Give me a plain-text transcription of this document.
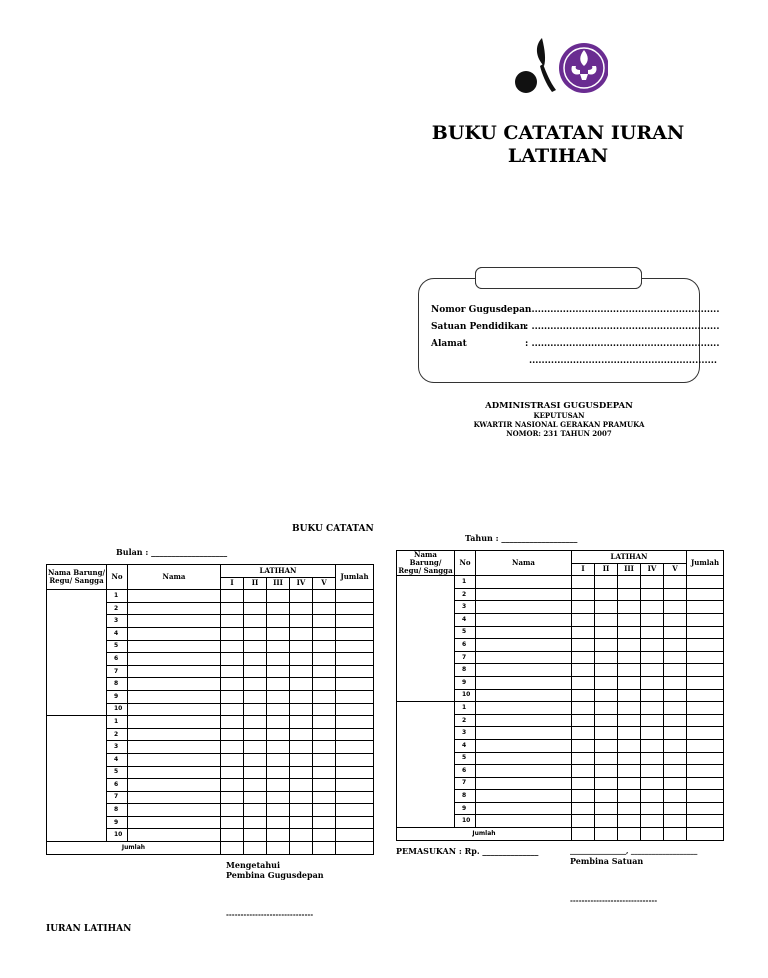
BUKU CATATAN IURAN
LATIHAN
Nomor Gugusdepan
: ............................................................
Satuan Pendidikan
: ............................................................
Alamat	: ............................................................
............................................................
ADMINISTRASI GUGUSDEPAN
KEPUTUSAN
KWARTIR NASIONAL GERAKAN PRAMUKA
NOMOR: 231 TAHUN 2007
BUKU CATATAN
Bulan : ___________________
Nama Barung/ Regu/ Sangga	No	Nama	LATIHAN					Jumlah
			I	II	III	IV	V	
	1							
	2							
	3							
	4							
	5							
	6							
	7							
	8							
	9							
	10							
	1							
	2							
	3							
	4							
	5							
	6							
	7							
	8							
	9							
	10							
Jumlah								
Mengetahui
Pembina Gugusdepan
------------------------------
IURAN LATIHAN
Tahun : ___________________
Nama Barung/ Regu/ Sangga	No	Nama	LATIHAN					Jumlah
			I	II	III	IV	V	
	1							
	2							
	3							
	4							
	5							
	6							
	7							
	8							
	9							
	10							
	1							
	2							
	3							
	4							
	5							
	6							
	7							
	8							
	9							
	10							
Jumlah								
PEMASUKAN : Rp. ______________	________________, ___________________
Pembina Satuan
------------------------------
